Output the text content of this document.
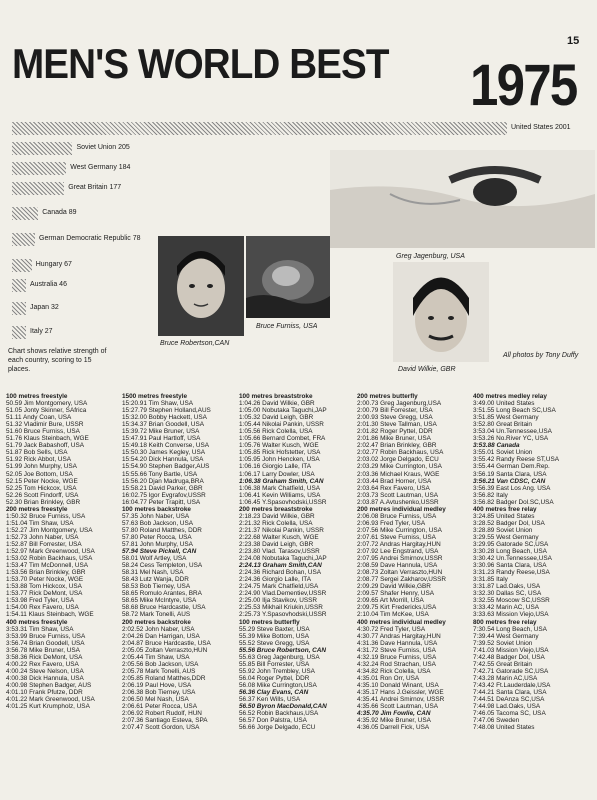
15
MEN'S WORLD BEST 1975
United States 2001
Soviet Union 205
West Germany 184
Great Britain 177
Canada 89
German Democratic Republic 78
Hungary 67
Australia 46
Japan 32
Italy 27
Chart shows relative strength of each country, scoring to 15 places.
Bruce Robertson,CAN
Bruce Furniss, USA
Greg Jagenburg, USA
David Wilkie, GBR
All photos by Tony Duffy
100 metres freestyle
50.59 Jim Montgomery, USA
51.05 Jonty Skinner, SAfrica
51.11 Andy Coan, USA
51.32 Vladimir Bure, USSR
51.60 Bruce Furniss, USA
51.76 Klaus Steinbach, WGE
51.79 Jack Babashoff, USA
51.87 Bob Sells, USA
51.92 Rick Abbot, USA
51.99 John Murphy, USA
52.05 Joe Bottom, USA
52.15 Peter Nocke, WGE
52.25 Tom Hickcox, USA
52.26 Scott Findorff, USA
52.30 Brian Brinkley, GBR
200 metres freestyle
1:50.32 Bruce Furniss, USA
1:51.04 Tim Shaw, USA
1:52.27 Jim Montgomery, USA
1:52.73 John Naber, USA
1:52.87 Bill Forrester, USA
1:52.97 Mark Greenwood, USA
1:53.02 Robin Backhaus, USA
1:53.47 Tim McDonnell, USA
1:53.56 Brian Brinkley, GBR
1:53.70 Peter Nocke, WGE
1:53.88 Tom Hickcox, USA
1:53.77 Rick DeMont, USA
1:53.98 Fred Tyler, USA
1:54.00 Rex Favero, USA
1:54.11 Klaus Steinbach, WGE
400 metres freestyle
3:53.31 Tim Shaw, USA
3:53.99 Bruce Furniss, USA
3:56.74 Brian Goodell, USA
3:56.78 Mike Bruner, USA
3:58.36 Rick DeMont, USA
4:00.22 Rex Favero, USA
4:00.24 Steve Nelson, USA
4:00.38 Dick Hannula, USA
4:00.98 Stephen Badger, AUS
4:01.10 Frank Pfutze, DDR
4:01.22 Mark Greenwood, USA
4:01.25 Kurt Krumpholz, USA
1500 metres freestyle
15:20.91 Tim Shaw, USA
15:27.79 Stephen Holland,AUS
15:32.00 Bobby Hackett, USA
15:34.37 Brian Goodell, USA
15:39.72 Mike Bruner, USA
15:47.91 Paul Hartloff, USA
15:49.18 Keith Converse, USA
15:50.30 James Kegley, USA
15:54.20 Dick Hannula, USA
15:54.90 Stephen Badger,AUS
15:55.66 Tony Bartle, USA
15:56.20 Djan Madruga,BRA
15:58.21 David Parker, GBR
16:02.75 Igor Evgrafov,USSR
16:04.77 Peter Trapitt, USA
100 metres backstroke
57.35 John Naber, USA
57.63 Bob Jackson, USA
57.80 Roland Matthes, DDR
57.80 Peter Rocca, USA
57.81 John Murphy, USA
57.94 Steve Pickell, CAN
58.01 Wolf Artley, USA
58.24 Cess Templeton, USA
58.31 Mel Nash, USA
58.43 Lutz Wanja, DDR
58.53 Bob Tierney, USA
58.65 Romulo Arantes, BRA
58.65 Mike McIntyre, USA
58.68 Bruce Hardcastle, USA
58.72 Mark Tonelli, AUS
200 metres backstroke
2:02.52 John Naber, USA
2:04.26 Dan Harrigan, USA
2:04.87 Bruce Hardcastle, USA
2:05.05 Zoltan Verraszto,HUN
2:05.44 Tim Shaw, USA
2:05.56 Bob Jackson, USA
2:05.78 Mark Tonelli, AUS
2:05.85 Roland Matthes,DDR
2:06.19 Paul Hove, USA
2:06.38 Bob Tierney, USA
2:06.50 Mel Nash, USA
2:06.61 Peter Rocca, USA
2:06.92 Robert Rudolf, HUN
2:07.36 Santiago Esteva, SPA
2:07.47 Scott Gordon, USA
100 metres breaststroke
1:04.26 David Wilkie, GBR
1:05.00 Nobutaka Taguchi,JAP
1:05.32 David Leigh, GBR
1:05.44 Nikolai Pankin, USSR
1:05.56 Rick Colella, USA
1:05.66 Bernard Combet, FRA
1:05.76 Walter Kusch, WGE
1:05.85 Rick Hofstetter, USA
1:05.95 John Hencken, USA
1:06.16 Giorgio Lalle, ITA
1:06.17 Larry Dowler, USA
1:06.38 Graham Smith, CAN
1:06.38 Mark Chatfield, USA
1:06.41 Kevin Williams, USA
1:06.45 Y.Spasovhodski,USSR
200 metres breaststroke
2:18.23 David Wilkie, GBR
2:21.32 Rick Colella, USA
2:21.37 Nikolai Pankin, USSR
2:22.68 Walter Kusch, WGE
2:23.38 David Leigh, GBR
2:23.80 Vlad. Tarasov,USSR
2:24.08 Nobutaka Taguchi,JAP
2:24.13 Graham Smith,CAN
2:24.36 Richard Bohan, USA
2:24.36 Giorgio Lalle, ITA
2:24.75 Mark Chatfield,USA
2:24.90 Vlad.Dementiev,USSR
2:25.00 Ilja Stavikov, USSR
2:25.53 Mikhail Kriukin,USSR
2:25.73 Y.Spasovhodski,USSR
100 metres butterfly
55.29 Steve Baxter, USA
55.39 Mike Bottom, USA
55.52 Steve Gregg, USA
55.56 Bruce Robertson, CAN
55.63 Greg Jagenburg, USA
55.85 Bill Forrester, USA
55.92 John Trembley, USA
56.04 Roger Pyttel, DDR
56.08 Mike Currington,USA
56.36 Clay Evans, CAN
56.37 Ken Wills, USA
56.50 Byron MacDonald,CAN
56.52 Robin Backhaus,USA
56.57 Don Palstra, USA
56.66 Jorge Delgado, ECU
200 metres butterfly
2:00.73 Greg Jagenburg,USA
2:00.79 Bill Forrester, USA
2:00.93 Steve Gregg, USA
2:01.30 Steve Tallman, USA
2:01.82 Roger Pyttel, DDR
2:01.86 Mike Bruner, USA
2:02.47 Brian Brinkley, GBR
2:02.77 Robin Backhaus, USA
2:03.02 Jorge Delgado, ECU
2:03.29 Mike Currington, USA
2:03.36 Michael Kraus, WGE
2:03.44 Brad Horner, USA
2:03.64 Rex Favero, USA
2:03.73 Scott Lautman, USA
2:03.87 A.Avtushenko,USSR
200 metres individual medley
2:06.08 Bruce Furniss, USA
2:06.93 Fred Tyler, USA
2:07.56 Mike Currington, USA
2:07.61 Steve Furniss, USA
2:07.72 Andras Hargitay,HUN
2:07.92 Lee Engstrand, USA
2:07.95 Andrei Smirnov,USSR
2:08.59 Dave Hannula, USA
2:08.73 Zoltan Verraszto,HUN
2:08.77 Sergei Zakharov,USSR
2:09.29 David Wilkie,GBR
2:09.57 Shafer Henry, USA
2:09.65 Art Morrill, USA
2:09.75 Kirt Fredericks,USA
2:10.04 Tim McKee, USA
400 metres individual medley
4:30.72 Fred Tyler, USA
4:30.77 Andras Hargitay,HUN
4:31.36 Dave Hannula, USA
4:31.72 Steve Furniss, USA
4:32.19 Bruce Furniss, USA
4:32.24 Rod Strachan, USA
4:34.82 Rick Colella, USA
4:35.01 Ron Orr, USA
4:35.10 Donald Winant, USA
4:35.17 Hans J.Geissler, WGE
4:35.41 Andrei Smirnov, USSR
4:35.66 Scott Lautman, USA
4:35.70 Jim Fowlie, CAN
4:35.92 Mike Bruner, USA
4:36.05 Darrell Fick, USA
400 metres medley relay
3:49.00 United States
3:51.55 Long Beach SC,USA
3:51.85 West Germany
3:52.80 Great Britain
3:53.04 Un.Tennessee,USA
3:53.26 No.River YC, USA
3:53.88 Canada
3:55.01 Soviet Union
3:55.42 Randy Reese ST,USA
3:55.44 German Dem.Rep.
3:56.19 Santa Clara, USA
3:56.21 Van CDSC, CAN
3:56.39 East Los Ang. USA
3:56.82 Italy
3:56.82 Badger Dol.SC,USA
400 metres free relay
3:24.85 United States
3:28.52 Badger Dol, USA
3:28.89 Soviet Union
3:29.55 West Germany
3:29.95 Gatorade SC,USA
3:30.28 Long Beach, USA
3:30.42 Un.Tennessee,USA
3:30.96 Santa Clara, USA
3:31.23 Randy Reese,USA
3:31.85 Italy
3:31.87 Lad.Oaks, USA
3:32.30 Dallas SC, USA
3:32.55 Moscow SC,USSR
3:33.42 Marin AC, USA
3:33.63 Mission Viejo,USA
800 metres free relay
7:30.54 Long Beach, USA
7:39.44 West Germany
7:39.52 Soviet Union
7:41.03 Mission Viejo,USA
7:42.48 Badger Dol, USA
7:42.55 Great Britain
7:42.71 Gatorade SC,USA
7:43.28 Marin AC,USA
7:43.42 Ft.Lauderdale,USA
7:44.21 Santa Clara, USA
7:44.51 DeAnza SC,USA
7:44.98 Lad.Oaks, USA
7:46.05 Tacoma SC, USA
7:47.06 Sweden
7:48.08 United States
